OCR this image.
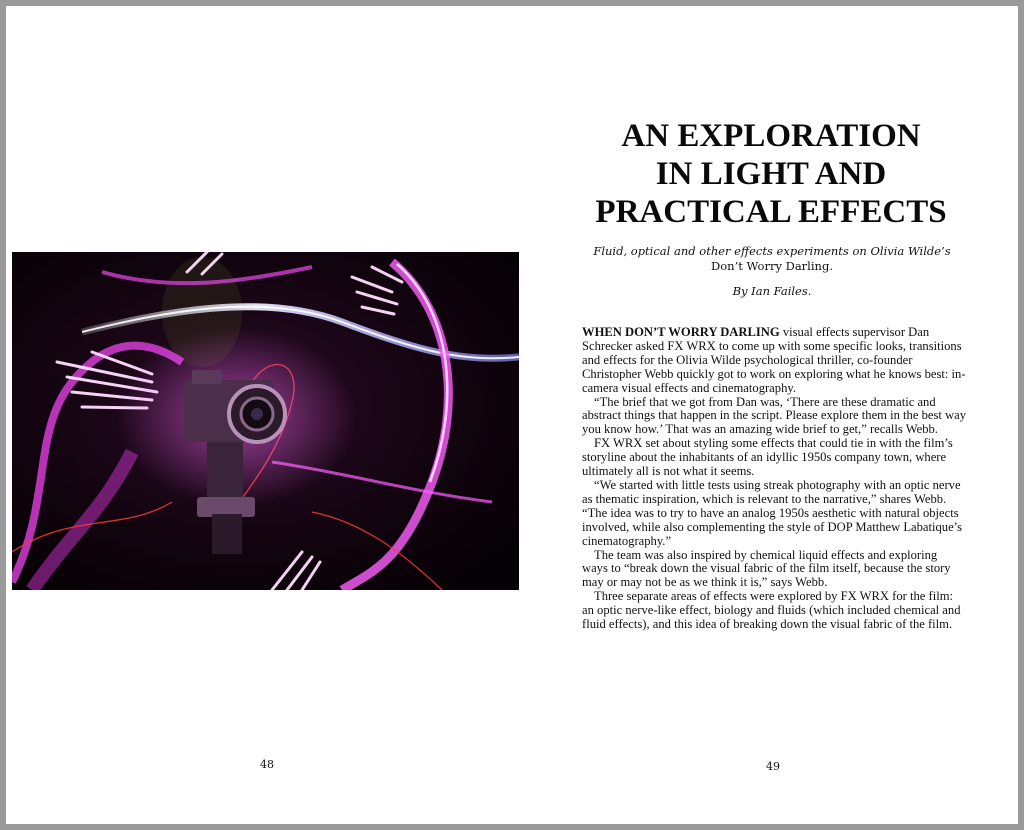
48
AN EXPLORATION
IN LIGHT AND
PRACTICAL EFFECTS

Fluid, optical and other effects experiments on Olivia Wilde’s Don’t Worry Darling.

By Ian Failes.

WHEN DON’T WORRY DARLING visual effects supervisor Dan Schrecker asked FX WRX to come up with some specific looks, transitions and effects for the Olivia Wilde psychological thriller, co-founder Christopher Webb quickly got to work on exploring what he knows best: in-camera visual effects and cinematography.

“The brief that we got from Dan was, ‘There are these dramatic and abstract things that happen in the script. Please explore them in the best way you know how.’ That was an amazing wide brief to get,” recalls Webb.

FX WRX set about styling some effects that could tie in with the film’s storyline about the inhabitants of an idyllic 1950s company town, where ultimately all is not what it seems.

“We started with little tests using streak photography with an optic nerve as thematic inspiration, which is relevant to the narrative,” shares Webb. “The idea was to try to have an analog 1950s aesthetic with natural objects involved, while also complementing the style of DOP Matthew Labatique’s cinematography.”

The team was also inspired by chemical liquid effects and exploring ways to “break down the visual fabric of the film itself, because the story may or may not be as we think it is,” says Webb.

Three separate areas of effects were explored by FX WRX for the film: an optic nerve-like effect, biology and fluids (which included chemical and fluid effects), and this idea of breaking down the visual fabric of the film.

49
